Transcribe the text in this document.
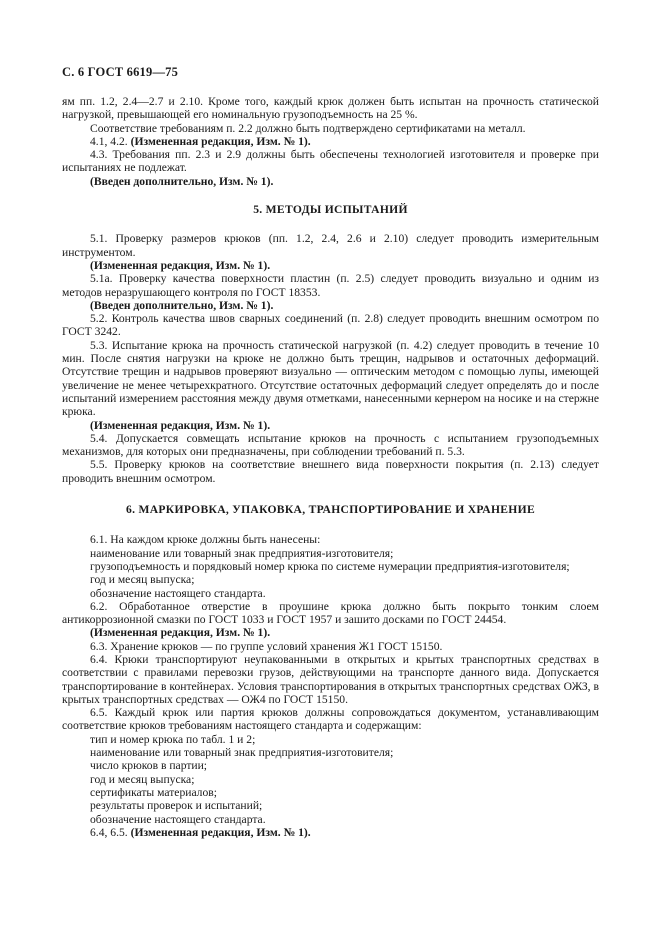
С. 6 ГОСТ 6619—75

ям пп. 1.2, 2.4—2.7 и 2.10. Кроме того, каждый крюк должен быть испытан на прочность статической нагрузкой, превышающей его номинальную грузоподъемность на 25 %.

Соответствие требованиям п. 2.2 должно быть подтверждено сертификатами на металл.

4.1, 4.2. (Измененная редакция, Изм. № 1).

4.3. Требования пп. 2.3 и 2.9 должны быть обеспечены технологией изготовителя и проверке при испытаниях не подлежат.

(Введен дополнительно, Изм. № 1).

5. МЕТОДЫ ИСПЫТАНИЙ

5.1. Проверку размеров крюков (пп. 1.2, 2.4, 2.6 и 2.10) следует проводить измерительным инструментом.

(Измененная редакция, Изм. № 1).

5.1а. Проверку качества поверхности пластин (п. 2.5) следует проводить визуально и одним из методов неразрушающего контроля по ГОСТ 18353.

(Введен дополнительно, Изм. № 1).

5.2. Контроль качества швов сварных соединений (п. 2.8) следует проводить внешним осмотром по ГОСТ 3242.

5.3. Испытание крюка на прочность статической нагрузкой (п. 4.2) следует проводить в течение 10 мин. После снятия нагрузки на крюке не должно быть трещин, надрывов и остаточных деформаций. Отсутствие трещин и надрывов проверяют визуально — оптическим методом с помощью лупы, имеющей увеличение не менее четырехкратного. Отсутствие остаточных деформаций следует определять до и после испытаний измерением расстояния между двумя отметками, нанесенными кернером на носике и на стержне крюка.

(Измененная редакция, Изм. № 1).

5.4. Допускается совмещать испытание крюков на прочность с испытанием грузоподъемных механизмов, для которых они предназначены, при соблюдении требований п. 5.3.

5.5. Проверку крюков на соответствие внешнего вида поверхности покрытия (п. 2.13) следует проводить внешним осмотром.

6. МАРКИРОВКА, УПАКОВКА, ТРАНСПОРТИРОВАНИЕ И ХРАНЕНИЕ

6.1. На каждом крюке должны быть нанесены:

наименование или товарный знак предприятия-изготовителя;

грузоподъемность и порядковый номер крюка по системе нумерации предприятия-изготовителя;

год и месяц выпуска;

обозначение настоящего стандарта.

6.2. Обработанное отверстие в проушине крюка должно быть покрыто тонким слоем антикоррозионной смазки по ГОСТ 1033 и ГОСТ 1957 и зашито досками по ГОСТ 24454.

(Измененная редакция, Изм. № 1).

6.3. Хранение крюков — по группе условий хранения Ж1 ГОСТ 15150.

6.4. Крюки транспортируют неупакованными в открытых и крытых транспортных средствах в соответствии с правилами перевозки грузов, действующими на транспорте данного вида. Допускается транспортирование в контейнерах. Условия транспортирования в открытых транспортных средствах ОЖЗ, в крытых транспортных средствах — ОЖ4 по ГОСТ 15150.

6.5. Каждый крюк или партия крюков должны сопровождаться документом, устанавливающим соответствие крюков требованиям настоящего стандарта и содержащим:

тип и номер крюка по табл. 1 и 2;

наименование или товарный знак предприятия-изготовителя;

число крюков в партии;

год и месяц выпуска;

сертификаты материалов;

результаты проверок и испытаний;

обозначение настоящего стандарта.

6.4, 6.5. (Измененная редакция, Изм. № 1).
